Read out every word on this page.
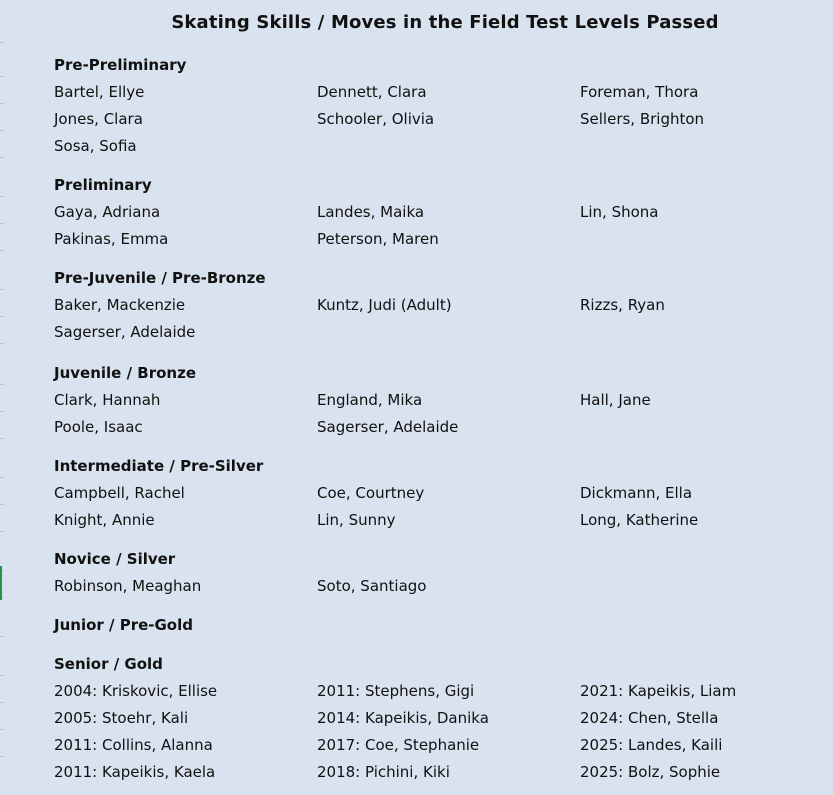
Skating Skills / Moves in the Field Test Levels Passed
Pre-Preliminary
Bartel, Ellye	Dennett, Clara	Foreman, Thora
Jones, Clara	Schooler, Olivia	Sellers, Brighton
Sosa, Sofia
Preliminary
Gaya, Adriana	Landes, Maika	Lin, Shona
Pakinas, Emma	Peterson, Maren
Pre-Juvenile / Pre-Bronze
Baker, Mackenzie	Kuntz, Judi (Adult)	Rizzs, Ryan
Sagerser, Adelaide
Juvenile / Bronze
Clark, Hannah	England, Mika	Hall, Jane
Poole, Isaac	Sagerser, Adelaide
Intermediate / Pre-Silver
Campbell, Rachel	Coe, Courtney	Dickmann, Ella
Knight, Annie	Lin, Sunny	Long, Katherine
Novice / Silver
Robinson, Meaghan	Soto, Santiago
Junior / Pre-Gold
Senior / Gold
2004: Kriskovic, Ellise	2011: Stephens, Gigi	2021: Kapeikis, Liam
2005: Stoehr, Kali	2014: Kapeikis, Danika	2024: Chen, Stella
2011: Collins, Alanna	2017: Coe, Stephanie	2025: Landes, Kaili
2011: Kapeikis, Kaela	2018: Pichini, Kiki	2025: Bolz, Sophie
